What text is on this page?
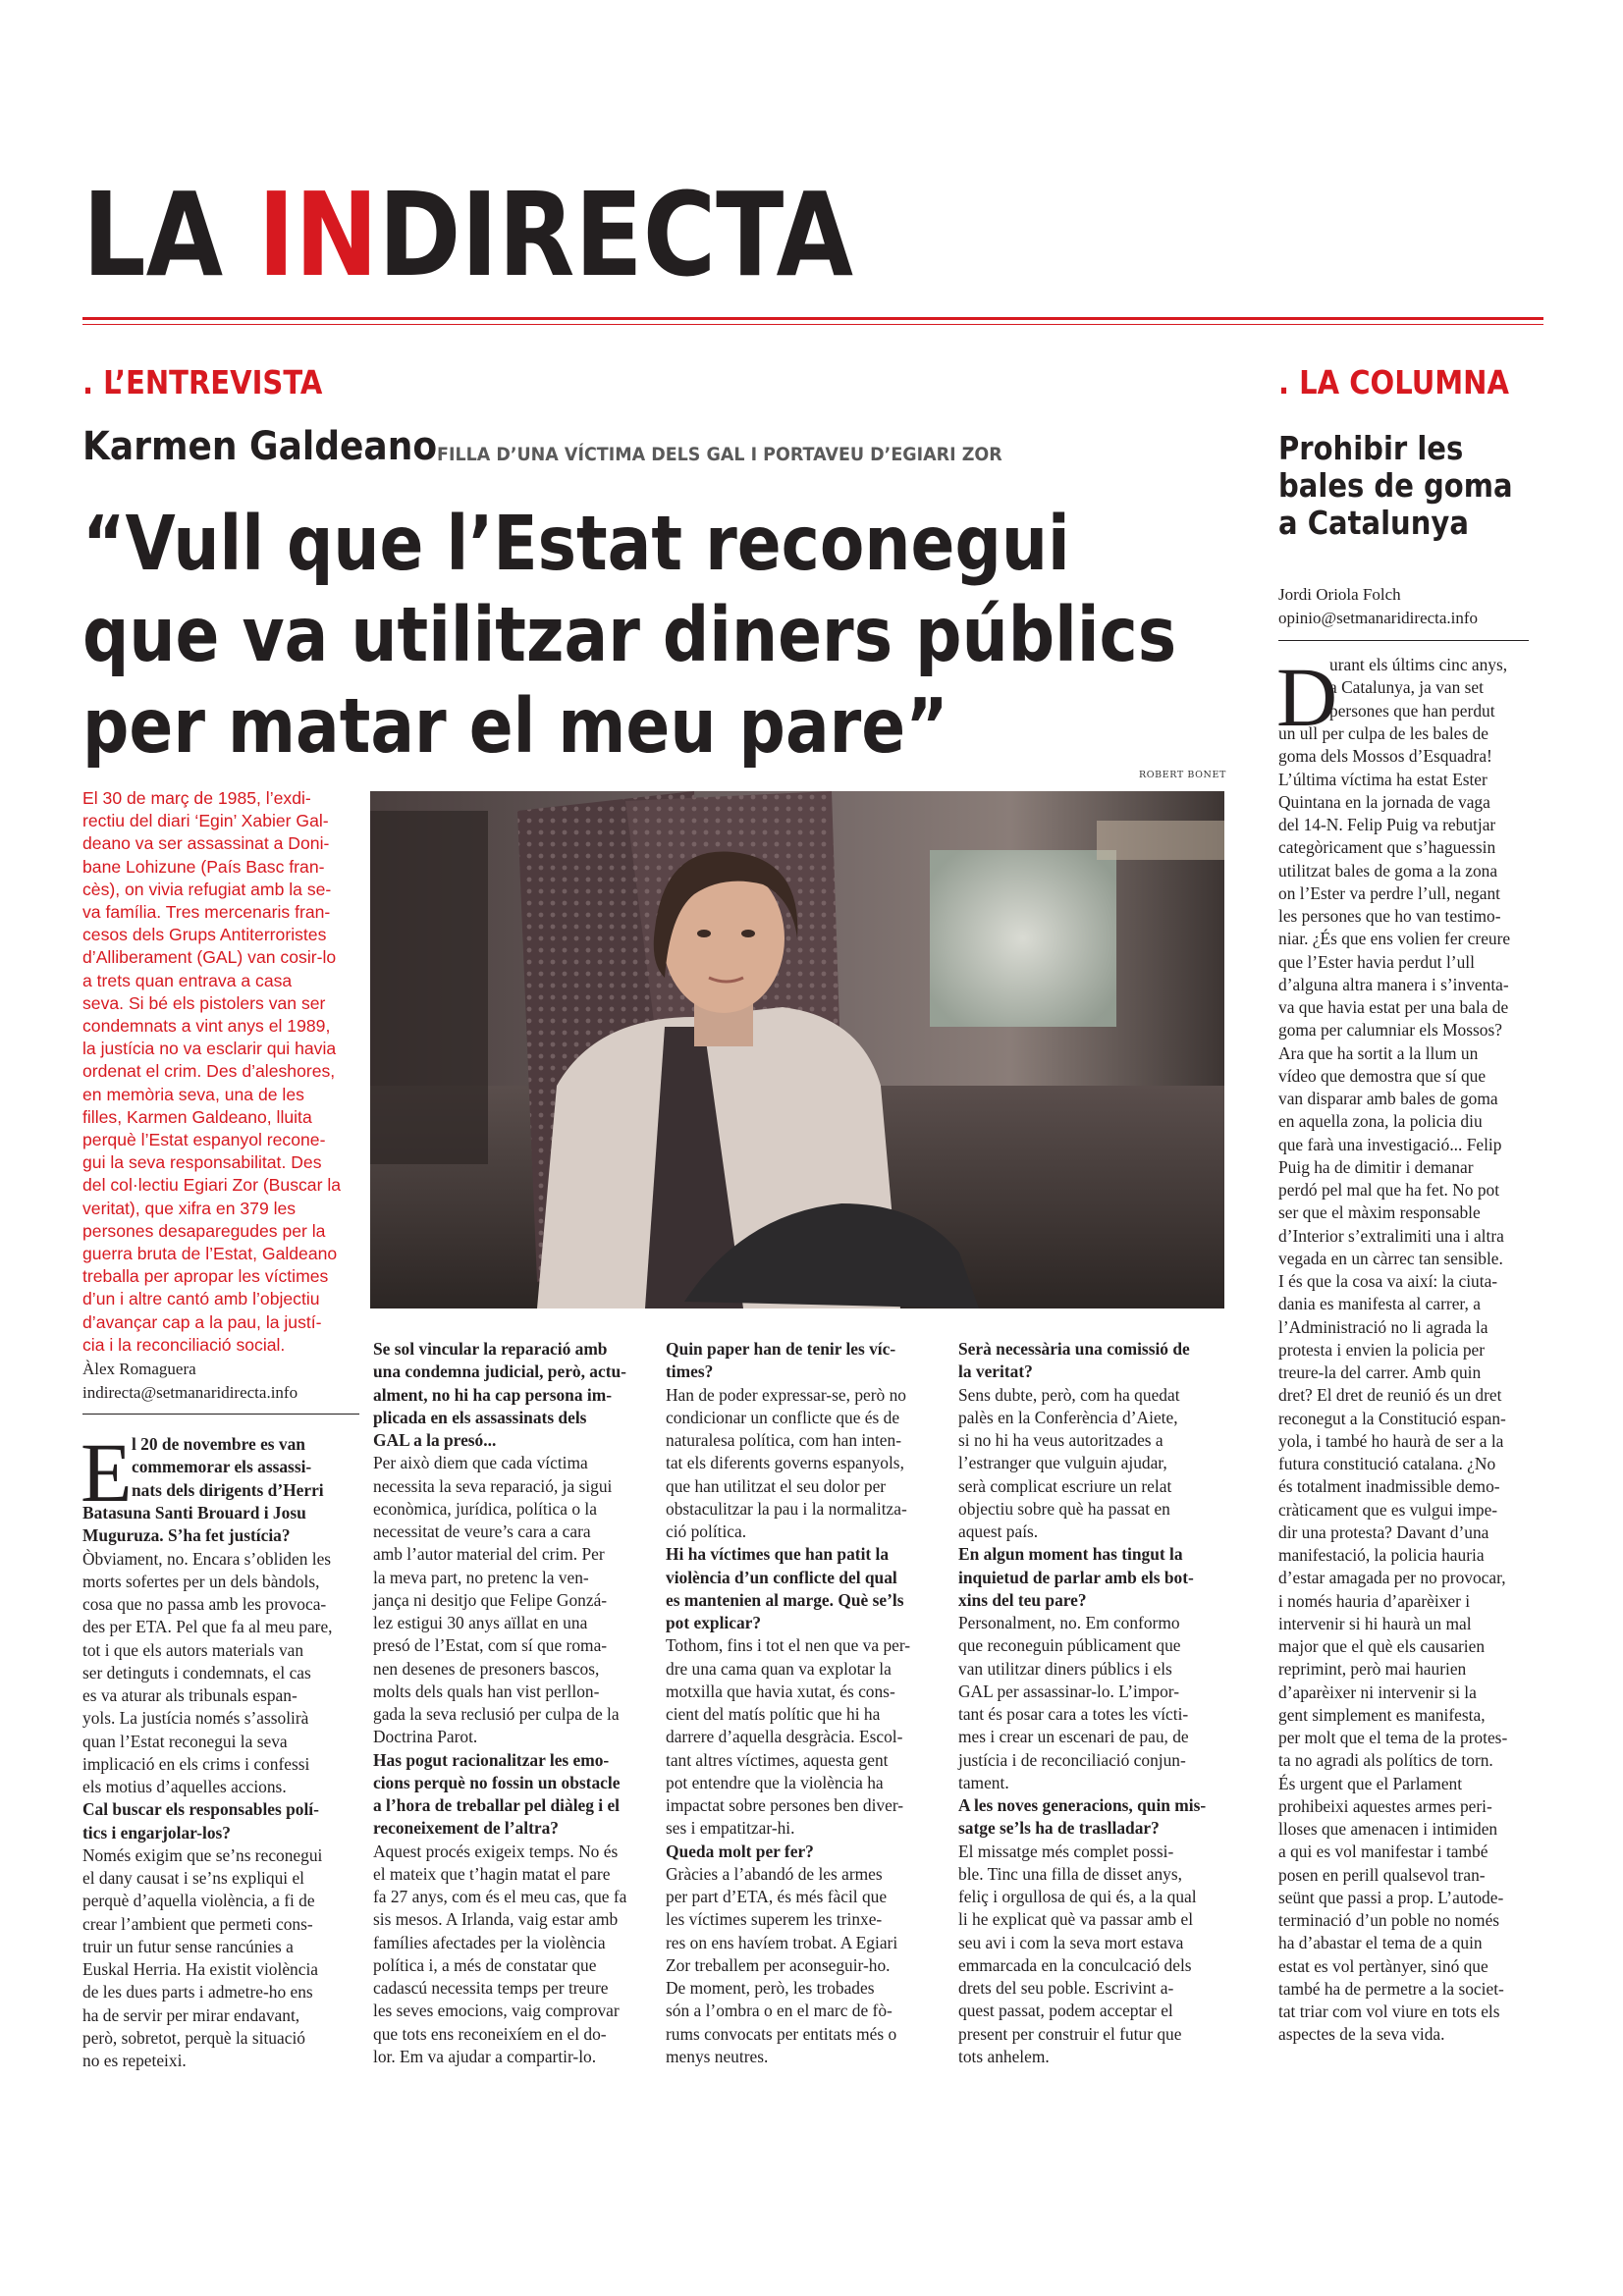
LA INDIRECTA
. L’ENTREVISTA	. LA COLUMNA
Karmen Galdeano FILLA D’UNA VÍCTIMA DELS GAL I PORTAVEU D’EGIARI ZOR
“Vull que l’Estat reconegui
que va utilitzar diners públics
per matar el meu pare”
El 30 de març de 1985, l’exdi-
rectiu del diari ‘Egin’ Xabier Gal-
deano va ser assassinat a Doni-
bane Lohizune (País Basc fran-
cès), on vivia refugiat amb la se-
va família. Tres mercenaris fran-
cesos dels Grups Antiterroristes
d’Alliberament (GAL) van cosir-lo
a trets quan entrava a casa
seva. Si bé els pistolers van ser
condemnats a vint anys el 1989,
la justícia no va esclarir qui havia
ordenat el crim. Des d’aleshores,
en memòria seva, una de les
filles, Karmen Galdeano, lluita
perquè l’Estat espanyol recone-
gui la seva responsabilitat. Des
del col·lectiu Egiari Zor (Buscar la
veritat), que xifra en 379 les
persones desaparegudes per la
guerra bruta de l’Estat, Galdeano
treballa per apropar les víctimes
d’un i altre cantó amb l’objectiu
d’avançar cap a la pau, la justí-
cia i la reconciliació social.
ROBERT BONET
Àlex Romaguera
indirecta@setmanaridirecta.info
E l 20 de novembre es van
commemorar els assassi-
nats dels dirigents d’Herri
Batasuna Santi Brouard i Josu
Muguruza. S’ha fet justícia?
Òbviament, no. Encara s’obliden les
morts sofertes per un dels bàndols,
cosa que no passa amb les provoca-
des per ETA. Pel que fa al meu pare,
tot i que els autors materials van
ser detinguts i condemnats, el cas
es va aturar als tribunals espan-
yols. La justícia només s’assolirà
quan l’Estat reconegui la seva
implicació en els crims i confessi
els motius d’aquelles accions.
Cal buscar els responsables polí-
tics i engarjolar-los?
Només exigim que se’ns reconegui
el dany causat i se’ns expliqui el
perquè d’aquella violència, a fi de
crear l’ambient que permeti cons-
truir un futur sense rancúnies a
Euskal Herria. Ha existit violència
de les dues parts i admetre-ho ens
ha de servir per mirar endavant,
però, sobretot, perquè la situació
no es repeteixi.
Se sol vincular la reparació amb
una condemna judicial, però, actu-
alment, no hi ha cap persona im-
plicada en els assassinats dels
GAL a la presó...
Per això diem que cada víctima
necessita la seva reparació, ja sigui
econòmica, jurídica, política o la
necessitat de veure’s cara a cara
amb l’autor material del crim. Per
la meva part, no pretenc la ven-
jança ni desitjo que Felipe Gonzá-
lez estigui 30 anys aïllat en una
presó de l’Estat, com sí que roma-
nen desenes de presoners bascos,
molts dels quals han vist perllon-
gada la seva reclusió per culpa de la
Doctrina Parot.
Has pogut racionalitzar les emo-
cions perquè no fossin un obstacle
a l’hora de treballar pel diàleg i el
reconeixement de l’altra?
Aquest procés exigeix temps. No és
el mateix que t’hagin matat el pare
fa 27 anys, com és el meu cas, que fa
sis mesos. A Irlanda, vaig estar amb
famílies afectades per la violència
política i, a més de constatar que
cadascú necessita temps per treure
les seves emocions, vaig comprovar
que tots ens reconeixíem en el do-
lor. Em va ajudar a compartir-lo.
Quin paper han de tenir les víc-
times?
Han de poder expressar-se, però no
condicionar un conflicte que és de
naturalesa política, com han inten-
tat els diferents governs espanyols,
que han utilitzat el seu dolor per
obstaculitzar la pau i la normalitza-
ció política.
Hi ha víctimes que han patit la
violència d’un conflicte del qual
es mantenien al marge. Què se’ls
pot explicar?
Tothom, fins i tot el nen que va per-
dre una cama quan va explotar la
motxilla que havia xutat, és cons-
cient del matís polític que hi ha
darrere d’aquella desgràcia. Escol-
tant altres víctimes, aquesta gent
pot entendre que la violència ha
impactat sobre persones ben diver-
ses i empatitzar-hi.
Queda molt per fer?
Gràcies a l’abandó de les armes
per part d’ETA, és més fàcil que
les víctimes superem les trinxe-
res on ens havíem trobat. A Egiari
Zor treballem per aconseguir-ho.
De moment, però, les trobades
són a l’ombra o en el marc de fò-
rums convocats per entitats més o
menys neutres.
Serà necessària una comissió de
la veritat?
Sens dubte, però, com ha quedat
palès en la Conferència d’Aiete,
si no hi ha veus autoritzades a
l’estranger que vulguin ajudar,
serà complicat escriure un relat
objectiu sobre què ha passat en
aquest país.
En algun moment has tingut la
inquietud de parlar amb els bot-
xins del teu pare?
Personalment, no. Em conformo
que reconeguin públicament que
van utilitzar diners públics i els
GAL per assassinar-lo. L’impor-
tant és posar cara a totes les vícti-
mes i crear un escenari de pau, de
justícia i de reconciliació conjun-
tament.
A les noves generacions, quin mis-
satge se’ls ha de traslladar?
El missatge més complet possi-
ble. Tinc una filla de disset anys,
feliç i orgullosa de qui és, a la qual
li he explicat què va passar amb el
seu avi i com la seva mort estava
emmarcada en la conculcació dels
drets del seu poble. Escrivint a-
quest passat, podem acceptar el
present per construir el futur que
tots anhelem.
Prohibir les
bales de goma
a Catalunya
Jordi Oriola Folch
opinio@setmanaridirecta.info
D
urant els últims cinc anys,
a Catalunya, ja van set
persones que han perdut
un ull per culpa de les bales de
goma dels Mossos d’Esquadra!
L’última víctima ha estat Ester
Quintana en la jornada de vaga
del 14-N. Felip Puig va rebutjar
categòricament que s’haguessin
utilitzat bales de goma a la zona
on l’Ester va perdre l’ull, negant
les persones que ho van testimo-
niar. ¿És que ens volien fer creure
que l’Ester havia perdut l’ull
d’alguna altra manera i s’inventa-
va que havia estat per una bala de
goma per calumniar els Mossos?
Ara que ha sortit a la llum un
vídeo que demostra que sí que
van disparar amb bales de goma
en aquella zona, la policia diu
que farà una investigació... Felip
Puig ha de dimitir i demanar
perdó pel mal que ha fet. No pot
ser que el màxim responsable
d’Interior s’extralimiti una i altra
vegada en un càrrec tan sensible.
I és que la cosa va així: la ciuta-
dania es manifesta al carrer, a
l’Administració no li agrada la
protesta i envien la policia per
treure-la del carrer. Amb quin
dret? El dret de reunió és un dret
reconegut a la Constitució espan-
yola, i també ho haurà de ser a la
futura constitució catalana. ¿No
és totalment inadmissible demo-
cràticament que es vulgui impe-
dir una protesta? Davant d’una
manifestació, la policia hauria
d’estar amagada per no provocar,
i només hauria d’aparèixer i
intervenir si hi haurà un mal
major que el què els causarien
reprimint, però mai haurien
d’aparèixer ni intervenir si la
gent simplement es manifesta,
per molt que el tema de la protes-
ta no agradi als polítics de torn.
És urgent que el Parlament
prohibeixi aquestes armes peri-
lloses que amenacen i intimiden
a qui es vol manifestar i també
posen en perill qualsevol tran-
seünt que passi a prop. L’autode-
terminació d’un poble no només
ha d’abastar el tema de a quin
estat es vol pertànyer, sinó que
també ha de permetre a la societ-
tat triar com vol viure en tots els
aspectes de la seva vida.
